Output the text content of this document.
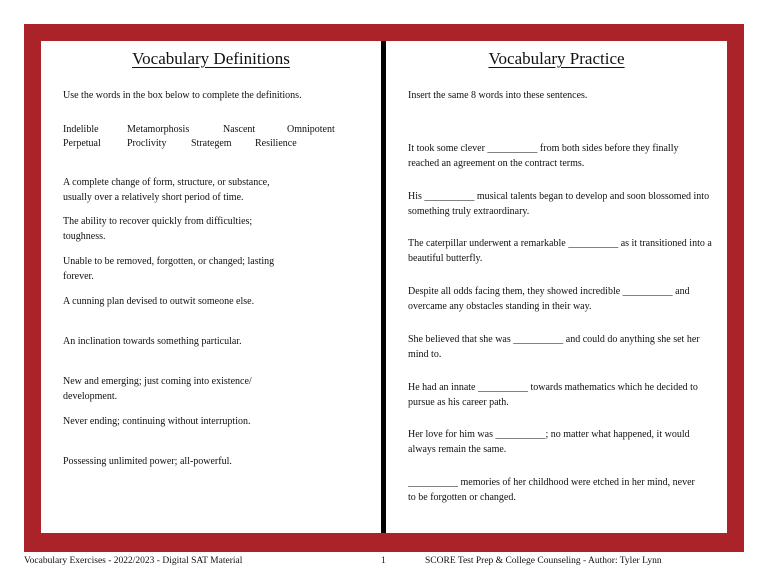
Vocabulary Definitions
Use the words in the box below to complete the definitions.
Indelible	Metamorphosis	Nascent	Omnipotent
Perpetual	Proclivity Strategem Resilience
A complete change of form, structure, or substance, usually over a relatively short period of time.
The ability to recover quickly from difficulties; toughness.
Unable to be removed, forgotten, or changed; lasting forever.
A cunning plan devised to outwit someone else.
An inclination towards something particular.
New and emerging; just coming into existence/ development.
Never ending; continuing without interruption.
Possessing unlimited power; all-powerful.
Vocabulary Practice
Insert the same 8 words into these sentences.
It took some clever __________ from both sides before they finally reached an agreement on the contract terms.
His __________ musical talents began to develop and soon blossomed into something truly extraordinary.
The caterpillar underwent a remarkable __________ as it transitioned into a beautiful butterfly.
Despite all odds facing them, they showed incredible __________ and overcame any obstacles standing in their way.
She believed that she was __________ and could do anything she set her mind to.
He had an innate __________ towards mathematics which he decided to pursue as his career path.
Her love for him was __________; no matter what happened, it would always remain the same.
__________ memories of her childhood were etched in her mind, never to be forgotten or changed.
Vocabulary Exercises - 2022/2023 - Digital SAT Material	1	SCORE Test Prep & College Counseling - Author: Tyler Lynn
